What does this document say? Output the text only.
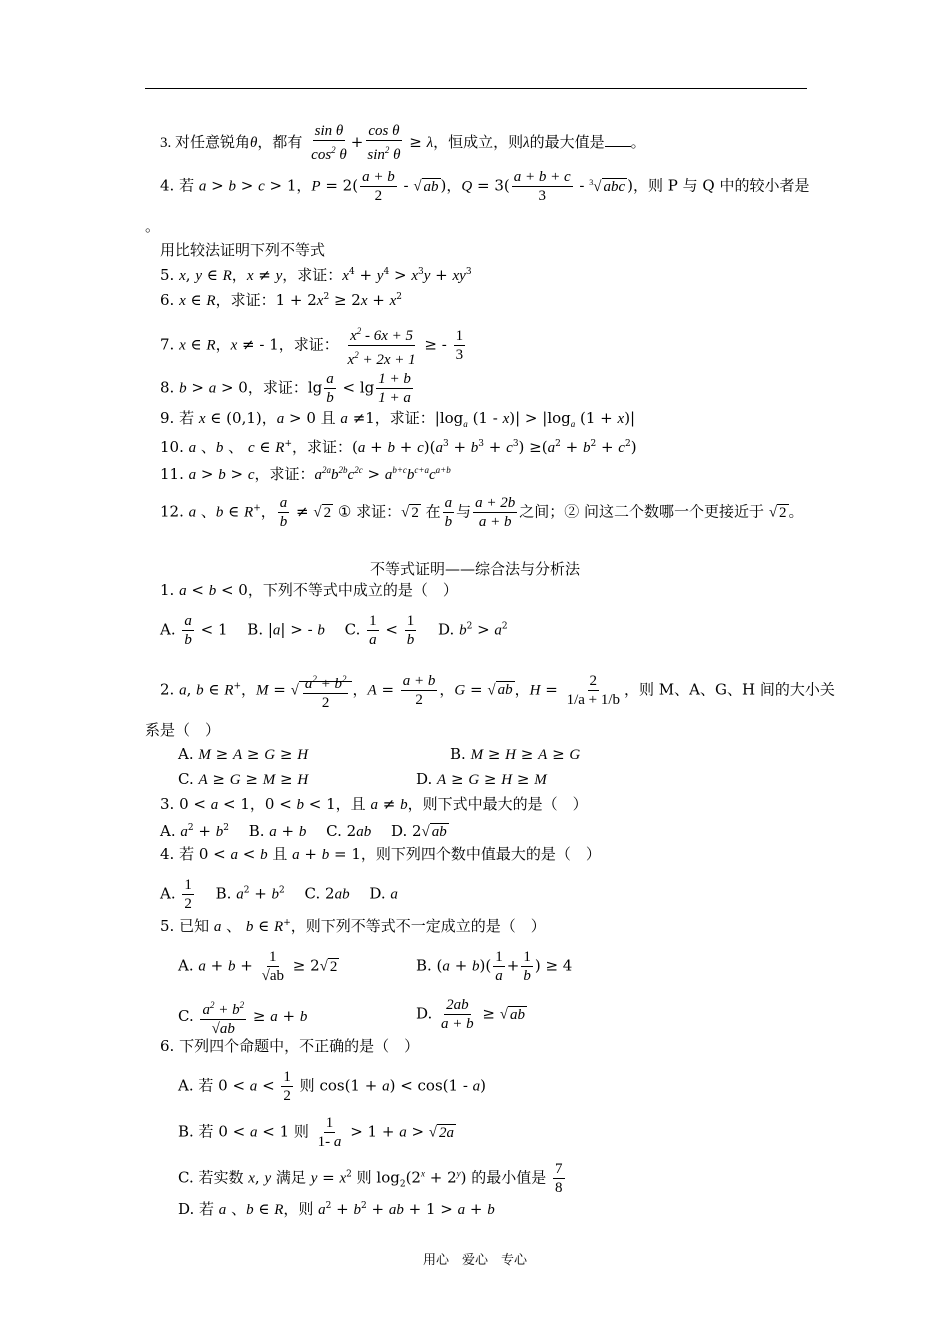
3. 对任意锐角θ，都有 $\frac{\text{sin θ}}{\cos^2 \theta} + \frac{\text{cos θ}}{\sin^2 \theta} \ge \lambda$，恒成立，则λ的最大值是 。
4. 若 a > b > c > 1，$P = 2( \frac{a + b}{2}$ - √ ab )，$Q = 3( \frac{a + b + c}{3} - ^3√$ abc )，则 P 与 Q 中的较小者是
。
用比较法证明下列不等式
5. x, y ∈ R，x ≠ y，求证：$x^4 + y^4 > x^3y + xy^3$
6. x ∈ R，求证：$1 + 2x^2 \ge 2x + x^2$
7. x ∈ R，x ≠ - 1，求证： $\frac{x^2 - 6x + 5}{x^2 + 2x + 1}$ ≥ - $\frac{1}{3}$
8. b > a > 0，求证：$\lg \frac{a}{b} < \lg \frac{1 + b}{1 + a}$
9. 若 x ∈ (0,1)，a > 0 且 a ≠1，求证：$|\log_a$ $(1 - x)| > |\log_a$ (1 + x)|
10. a 、b 、 c ∈ R+，求证：$(a + b + c)(a^3 + b^3 + c^3) \ge(a^2 + b^2 + c^2)$
11. a > b > c，求证：$a^{2a}b^{2b}c^{2c} > a^{b+c}b^{c+a}c^{a+b}$
12. a 、b ∈ R+， $\frac{a}{b}$ ≠ √ 2 ① 求证：√ 2 在 $\frac{a}{b}$ 与 $\frac{a + 2b}{a + b}$ 之间；② 问这二个数哪一个更接近于 √ 2 。
不等式证明——综合法与分析法
1. a < b < 0，下列不等式中成立的是（　）
A. $\frac{a}{b} < 1$　 B. |a| > - b　 C. $\frac{1}{a} < \frac{1}{b}$ 　 D. $b^2 > a^2$
2. a, b ∈ R+，M = √ $\frac{a^2 + b^2}{2}$ ，$A = \frac{a + b}{2}$ ，G = √ ab ，$H = \frac{2}{1/a + 1/b}$ ，则 M、A、G、H 间的大小关
系是（　）
A. M ≥ A ≥ G ≥ H	B. M ≥ H ≥ A ≥ G
C. A ≥ G ≥ M ≥ H	D. A ≥ G ≥ H ≥ M
3. 0 < a < 1，0 < b < 1，且 a ≠ b，则下式中最大的是（　）
A. $a^2 + b^2$　 B. a + b　 C. 2ab　 D. 2√ ab
4. 若 0 < a < b 且 a + b = 1，则下列四个数中值最大的是（　）
A. $\frac{1}{2}$ 　 B. $a^2 + b^2$　 C. 2ab　 D. a
5. 已知 a 、 b ∈ R+，则下列不等式不一定成立的是（　）
A. $a + b + \frac{1}{√ab} \ge 2√$ 2	B. $(a + b)( \frac{1}{a} + \frac{1}{b}$ ) ≥ 4
C. $\frac{a^2 + b^2}{√ab} \ge a + b$	D. $\frac{2ab}{a + b}$ ≥ √ ab
6. 下列四个命题中，不正确的是（　）
A. 若 $0 < a < \frac{1}{2}$ 则 cos(1 + a) < cos(1 - a)
B. 若 0 < a < 1 则 $\frac{1}{1- a} > 1 + a$ > √ 2a
C. 若实数 x, y 满足 $y = x^2$ 则 $\log_2(2^x + 2^y)$ 的最小值是 $\frac{7}{8}$
D. 若 a 、b ∈ R，则 $a^2 + b^2$ + ab + 1 > a + b
用心　爱心　专心
